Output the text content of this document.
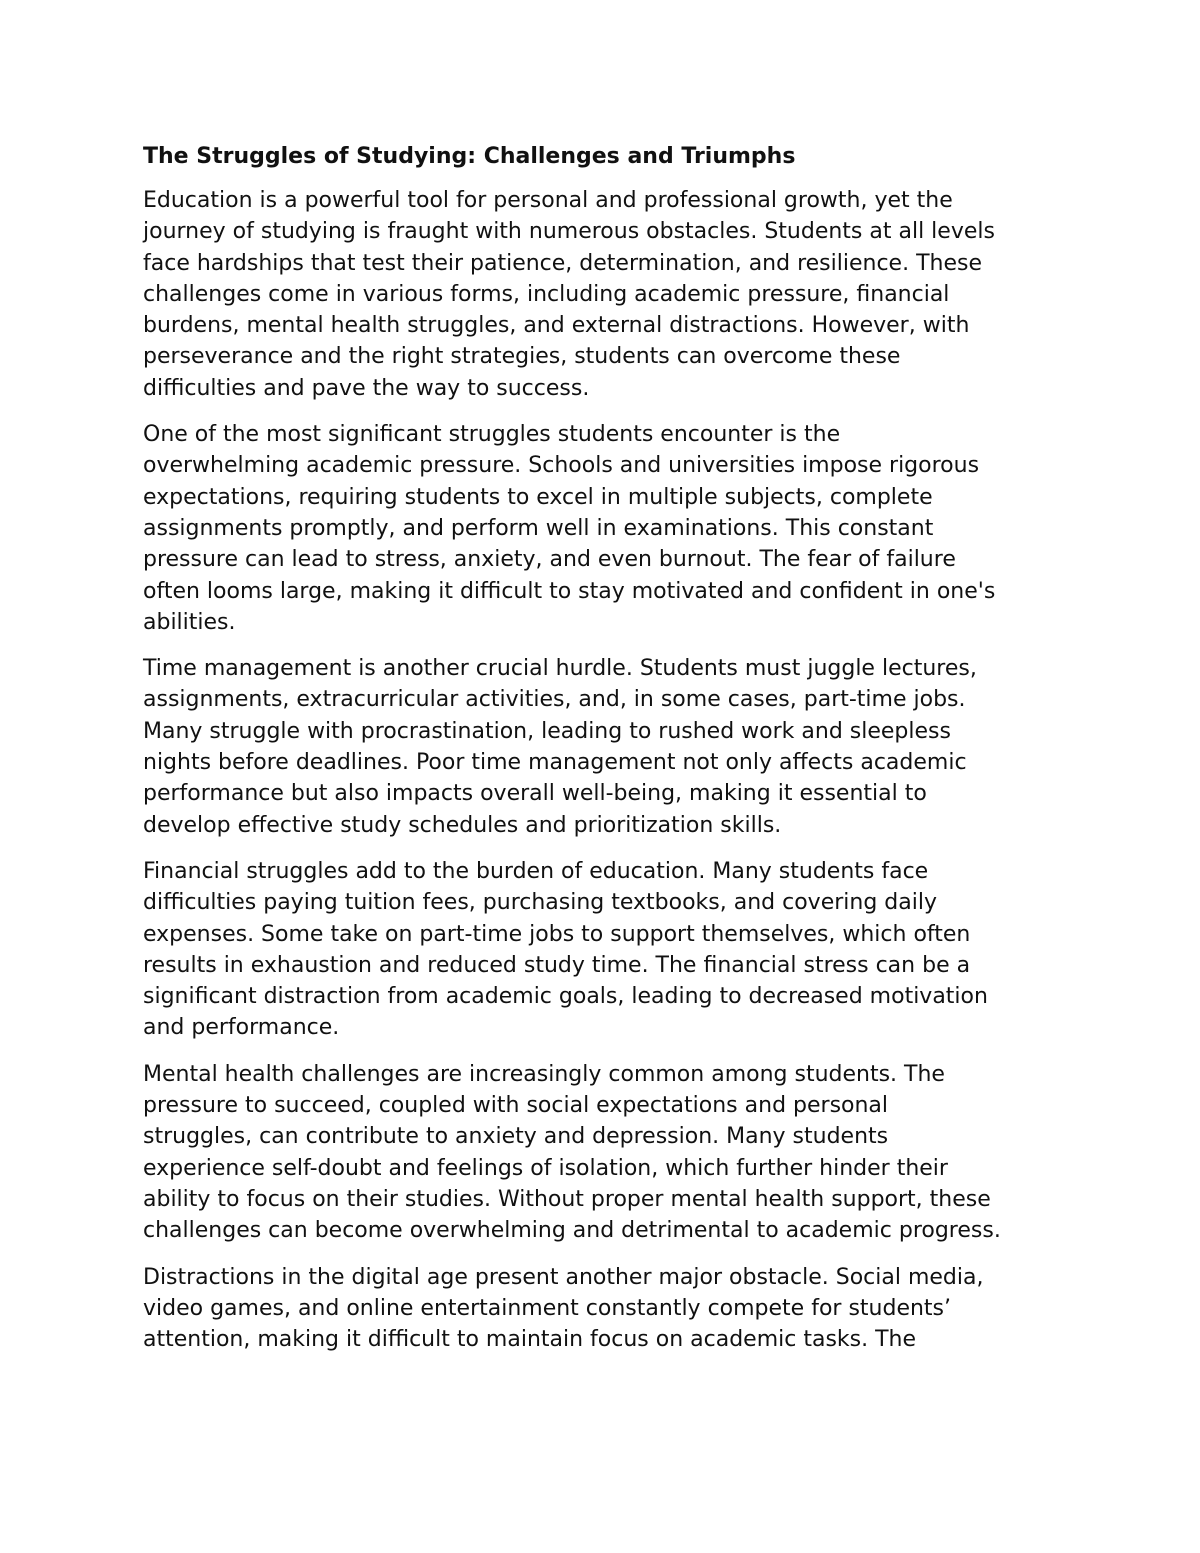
The Struggles of Studying: Challenges and Triumphs
Education is a powerful tool for personal and professional growth, yet the
journey of studying is fraught with numerous obstacles. Students at all levels
face hardships that test their patience, determination, and resilience. These
challenges come in various forms, including academic pressure, financial
burdens, mental health struggles, and external distractions. However, with
perseverance and the right strategies, students can overcome these
difficulties and pave the way to success.
One of the most significant struggles students encounter is the
overwhelming academic pressure. Schools and universities impose rigorous
expectations, requiring students to excel in multiple subjects, complete
assignments promptly, and perform well in examinations. This constant
pressure can lead to stress, anxiety, and even burnout. The fear of failure
often looms large, making it difficult to stay motivated and confident in one's
abilities.
Time management is another crucial hurdle. Students must juggle lectures,
assignments, extracurricular activities, and, in some cases, part-time jobs.
Many struggle with procrastination, leading to rushed work and sleepless
nights before deadlines. Poor time management not only affects academic
performance but also impacts overall well-being, making it essential to
develop effective study schedules and prioritization skills.
Financial struggles add to the burden of education. Many students face
difficulties paying tuition fees, purchasing textbooks, and covering daily
expenses. Some take on part-time jobs to support themselves, which often
results in exhaustion and reduced study time. The financial stress can be a
significant distraction from academic goals, leading to decreased motivation
and performance.
Mental health challenges are increasingly common among students. The
pressure to succeed, coupled with social expectations and personal
struggles, can contribute to anxiety and depression. Many students
experience self-doubt and feelings of isolation, which further hinder their
ability to focus on their studies. Without proper mental health support, these
challenges can become overwhelming and detrimental to academic progress.
Distractions in the digital age present another major obstacle. Social media,
video games, and online entertainment constantly compete for students’
attention, making it difficult to maintain focus on academic tasks. The
